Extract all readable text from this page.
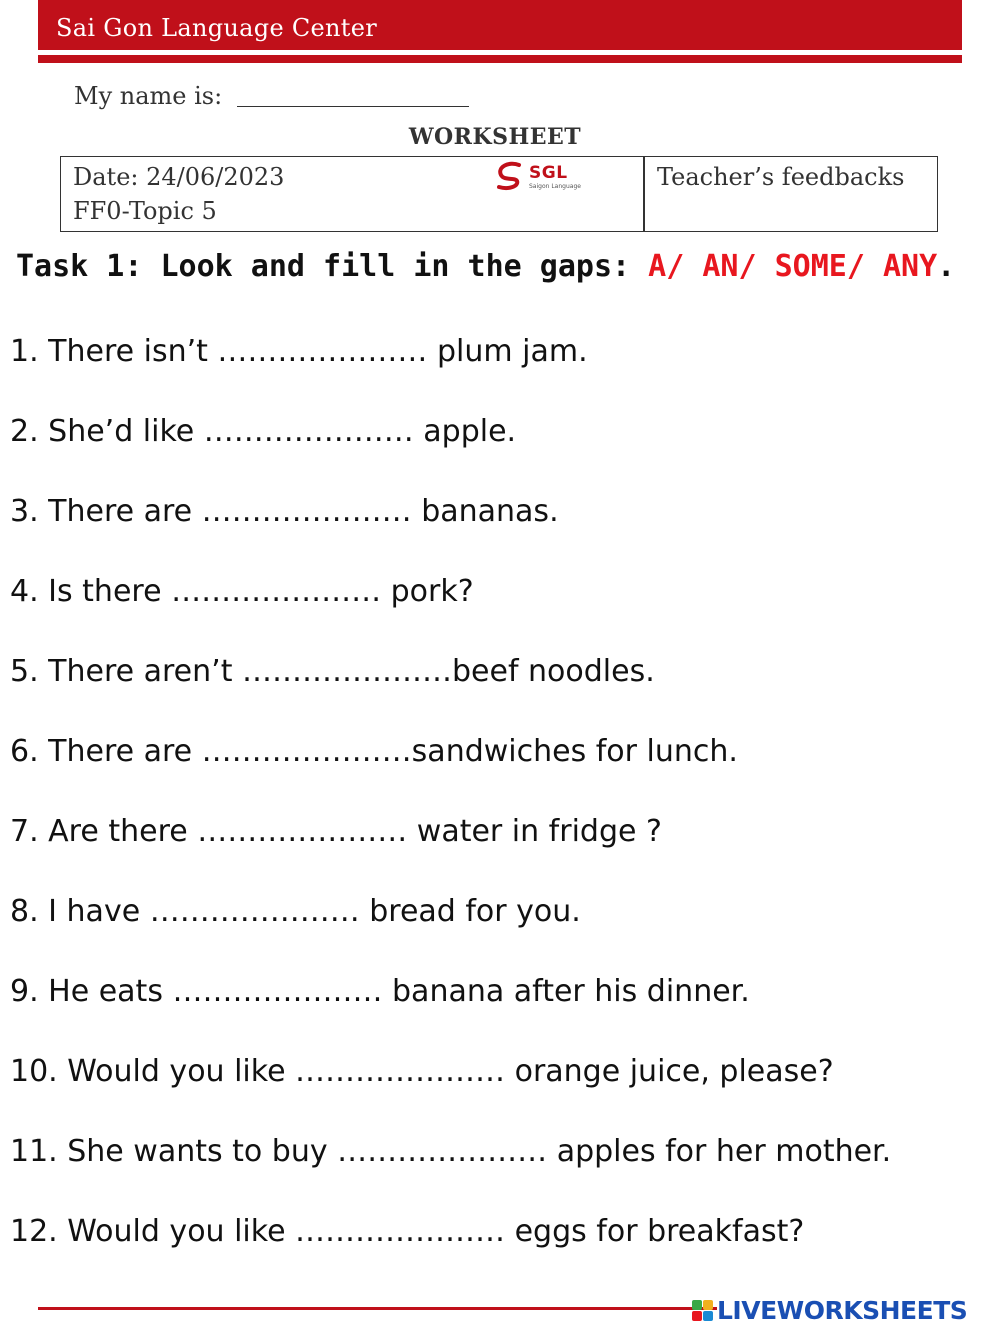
Sai Gon Language Center
My name is:
WORKSHEET
Date: 24/06/2023
FF0-Topic 5
SGL
Saigon Language	Teacher’s feedbacks
Task 1: Look and fill in the gaps: A/ AN/ SOME/ ANY.
1. There isn’t ………………… plum jam.
2. She’d like ………………… apple.
3. There are ………………… bananas.
4. Is there ………………… pork?
5. There aren’t …………………beef noodles.
6. There are …………………sandwiches for lunch.
7. Are there ………………… water in fridge ?
8. I have ………………… bread for you.
9. He eats ………………… banana after his dinner.
10. Would you like ………………… orange juice, please?
11. She wants to buy ………………… apples for her mother.
12. Would you like ………………… eggs for breakfast?
LIVEWORKSHEETS
